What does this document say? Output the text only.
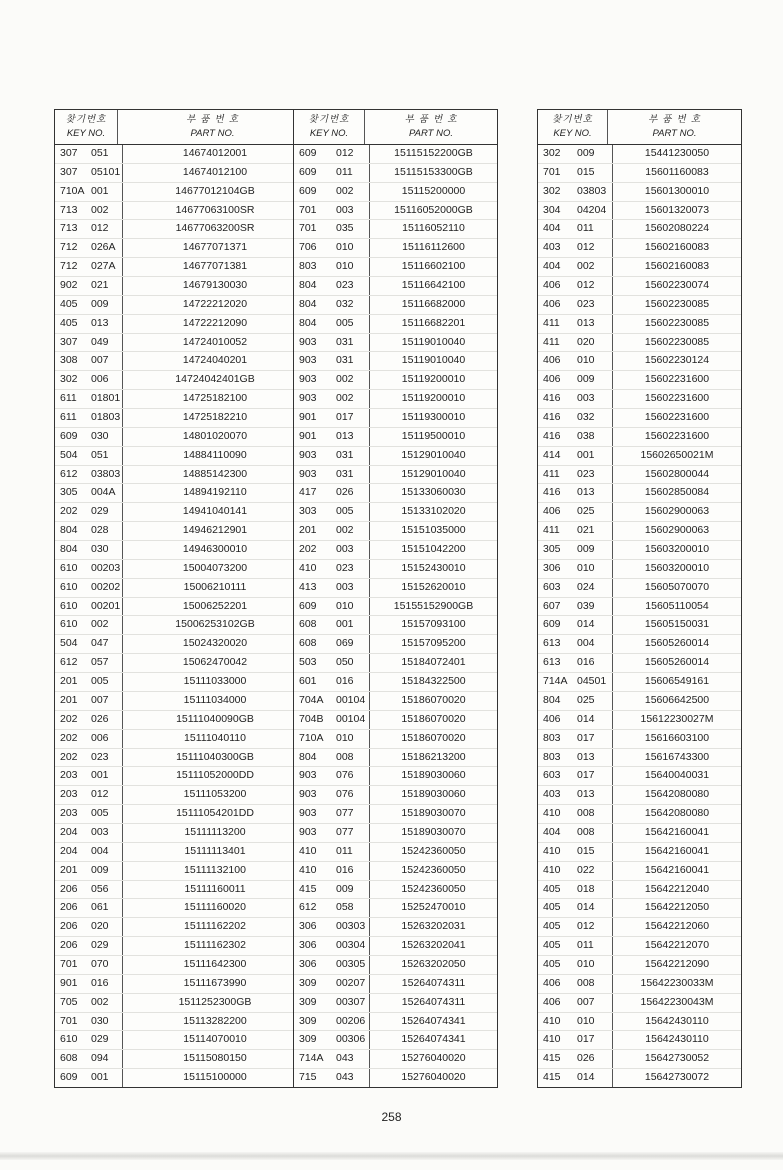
찾기번호
KEY NO.
부 품 번 호
PART NO.
307	051	14674012001
307	05101	14674012100
710A 001	14677012104GB
713	002	14677063100SR
713	012	14677063200SR
712	026A	14677071371
712	027A	14677071381
902	021	14679130030
405	009	14722212020
405	013	14722212090
307	049	14724010052
308	007	14724040201
302	006	14724042401GB
611	01801	14725182100
611	01803	14725182210
609	030	14801020070
504	051	14884110090
612	03803	14885142300
305	004A	14894192110
202	029	14941040141
804	028	14946212901
804	030	14946300010
610	00203	15004073200
610	00202	15006210111
610	00201	15006252201
610	002	15006253102GB
504	047	15024320020
612	057	15062470042
201	005	15111033000
201	007	15111034000
202	026	15111040090GB
202	006	15111040110
202	023	15111040300GB
203	001	15111052000DD
203	012	15111053200
203	005	15111054201DD
204	003	15111113200
204	004	15111113401
201	009	15111132100
206	056	15111160011
206	061	15111160020
206	020	15111162202
206	029	15111162302
701	070	15111642300
901	016	15111673990
705	002	1511252300GB
701	030	15113282200
610	029	15114070010
608	094	15115080150
609	001	15115100000
찾기번호
KEY NO.
부 품 번 호
PART NO.
609	012	15115152200GB
609	011	15115153300GB
609	002	15115200000
701	003	15116052000GB
701	035	15116052110
706	010	15116112600
803	010	15116602100
804	023	15116642100
804	032	15116682000
804	005	15116682201
903	031	15119010040
903	031	15119010040
903	002	15119200010
903	002	15119200010
901	017	15119300010
901	013	15119500010
903	031	15129010040
903	031	15129010040
417	026	15133060030
303	005	15133102020
201	002	15151035000
202	003	15151042200
410	023	15152430010
413	003	15152620010
609	010	15155152900GB
608	001	15157093100
608	069	15157095200
503	050	15184072401
601	016	15184322500
704A	00104	15186070020
704B	00104	15186070020
710A	010	15186070020
804	008	15186213200
903	076	15189030060
903	076	15189030060
903	077	15189030070
903	077	15189030070
410	011	15242360050
410	016	15242360050
415	009	15242360050
612	058	15252470010
306	00303	15263202031
306	00304	15263202041
306	00305	15263202050
309	00207	15264074311
309	00307	15264074311
309	00206	15264074341
309	00306	15264074341
714A	043	15276040020
715	043	15276040020
찾기번호
KEY NO.
부 품 번 호
PART NO.
302	009	15441230050
701	015	15601160083
302	03803	15601300010
304	04204	15601320073
404	011	15602080224
403	012	15602160083
404	002	15602160083
406	012	15602230074
406	023	15602230085
411	013	15602230085
411	020	15602230085
406	010	15602230124
406	009	15602231600
416	003	15602231600
416	032	15602231600
416	038	15602231600
414	001	15602650021M
411	023	15602800044
416	013	15602850084
406	025	15602900063
411	021	15602900063
305	009	15603200010
306	010	15603200010
603	024	15605070070
607	039	15605110054
609	014	15605150031
613	004	15605260014
613	016	15605260014
714A 04501	15606549161
804	025	15606642500
406	014	15612230027M
803	017	15616603100
803	013	15616743300
603	017	15640040031
403	013	15642080080
410	008	15642080080
404	008	15642160041
410	015	15642160041
410	022	15642160041
405	018	15642212040
405	014	15642212050
405	012	15642212060
405	011	15642212070
405	010	15642212090
406	008	15642230033M
406	007	15642230043M
410	010	15642430110
410	017	15642430110
415	026	15642730052
415	014	15642730072
258
